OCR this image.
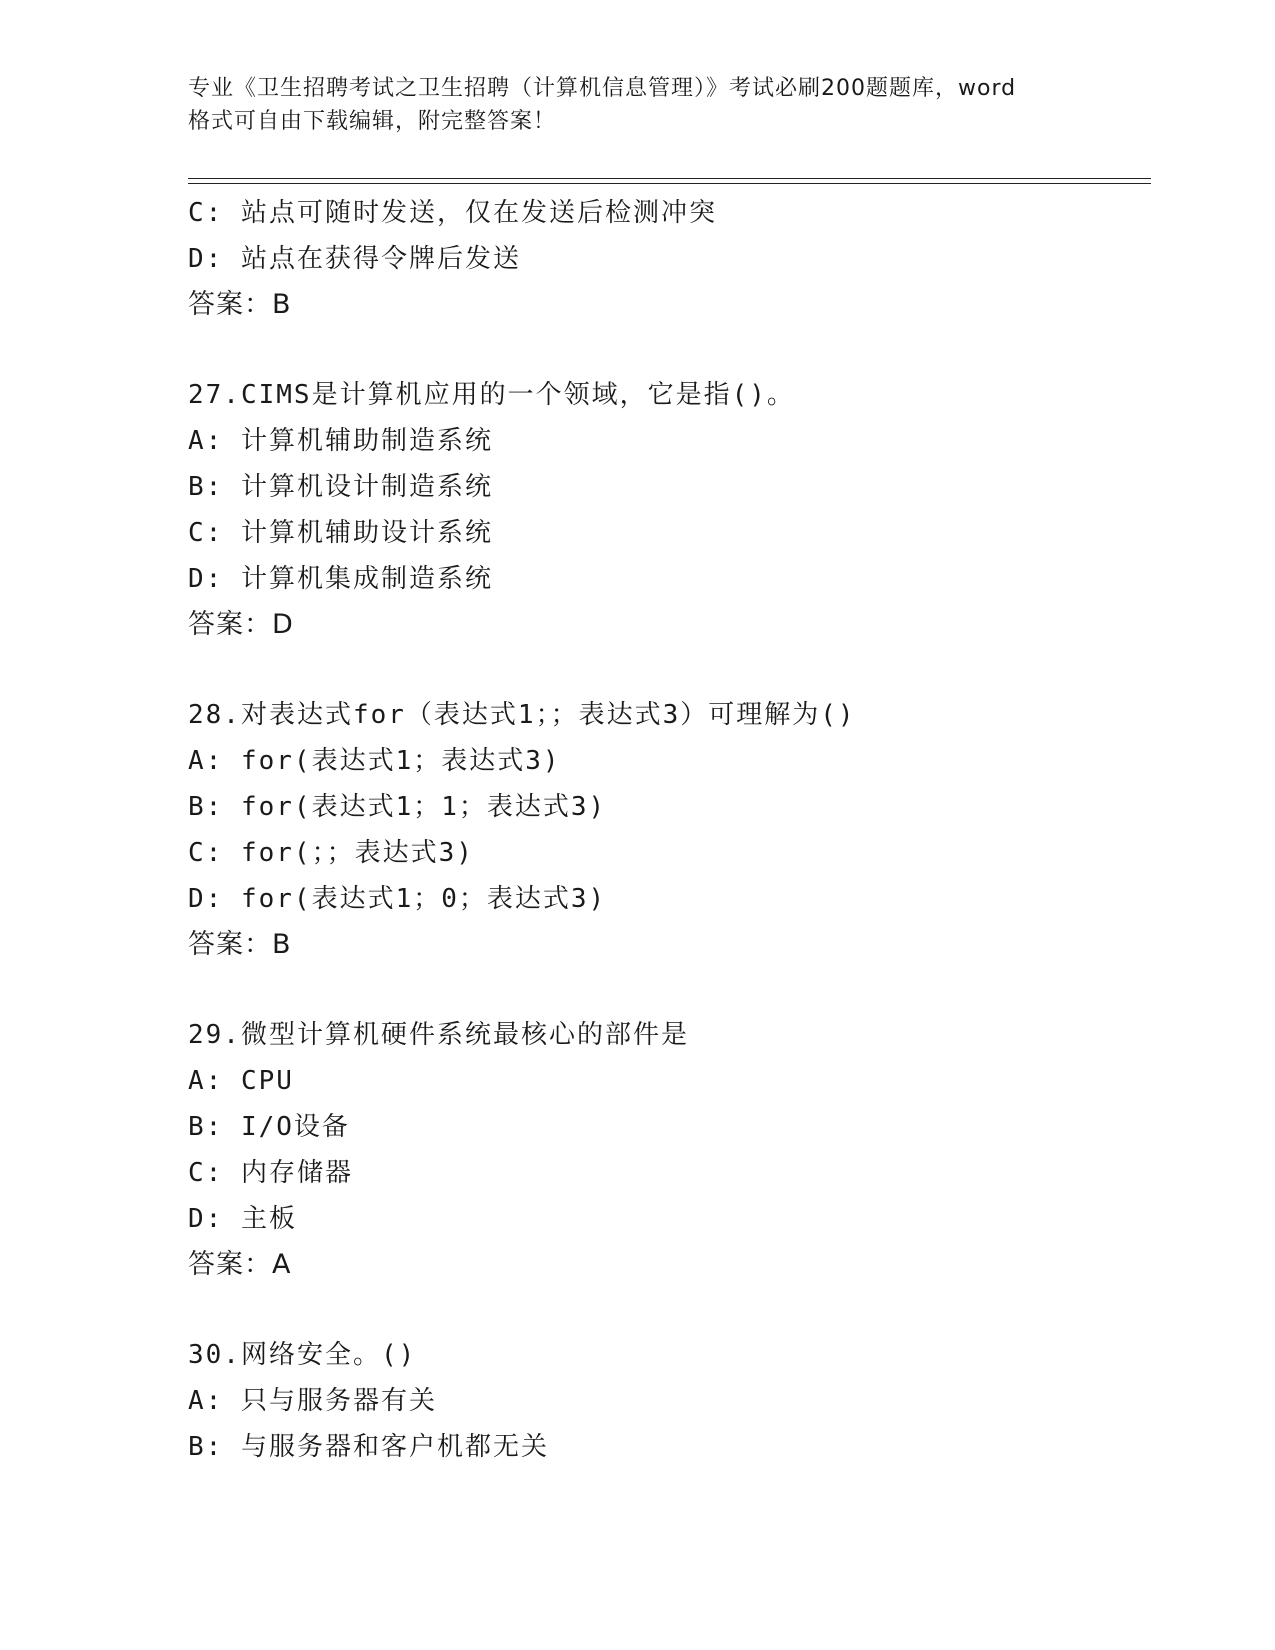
专业《卫生招聘考试之卫生招聘（计算机信息管理）》考试必刷200题题库，word
格式可自由下载编辑，附完整答案！
C: 站点可随时发送，仅在发送后检测冲突
D: 站点在获得令牌后发送
答案：B
27.CIMS是计算机应用的一个领域，它是指()。
A: 计算机辅助制造系统
B: 计算机设计制造系统
C: 计算机辅助设计系统
D: 计算机集成制造系统
答案：D
28.对表达式for（表达式1；；表达式3）可理解为()
A: for(表达式1；表达式3)
B: for(表达式1；1；表达式3)
C: for(；；表达式3)
D: for(表达式1；0；表达式3)
答案：B
29.微型计算机硬件系统最核心的部件是
A: CPU
B: I/O设备
C: 内存储器
D: 主板
答案：A
30.网络安全。()
A: 只与服务器有关
B: 与服务器和客户机都无关
